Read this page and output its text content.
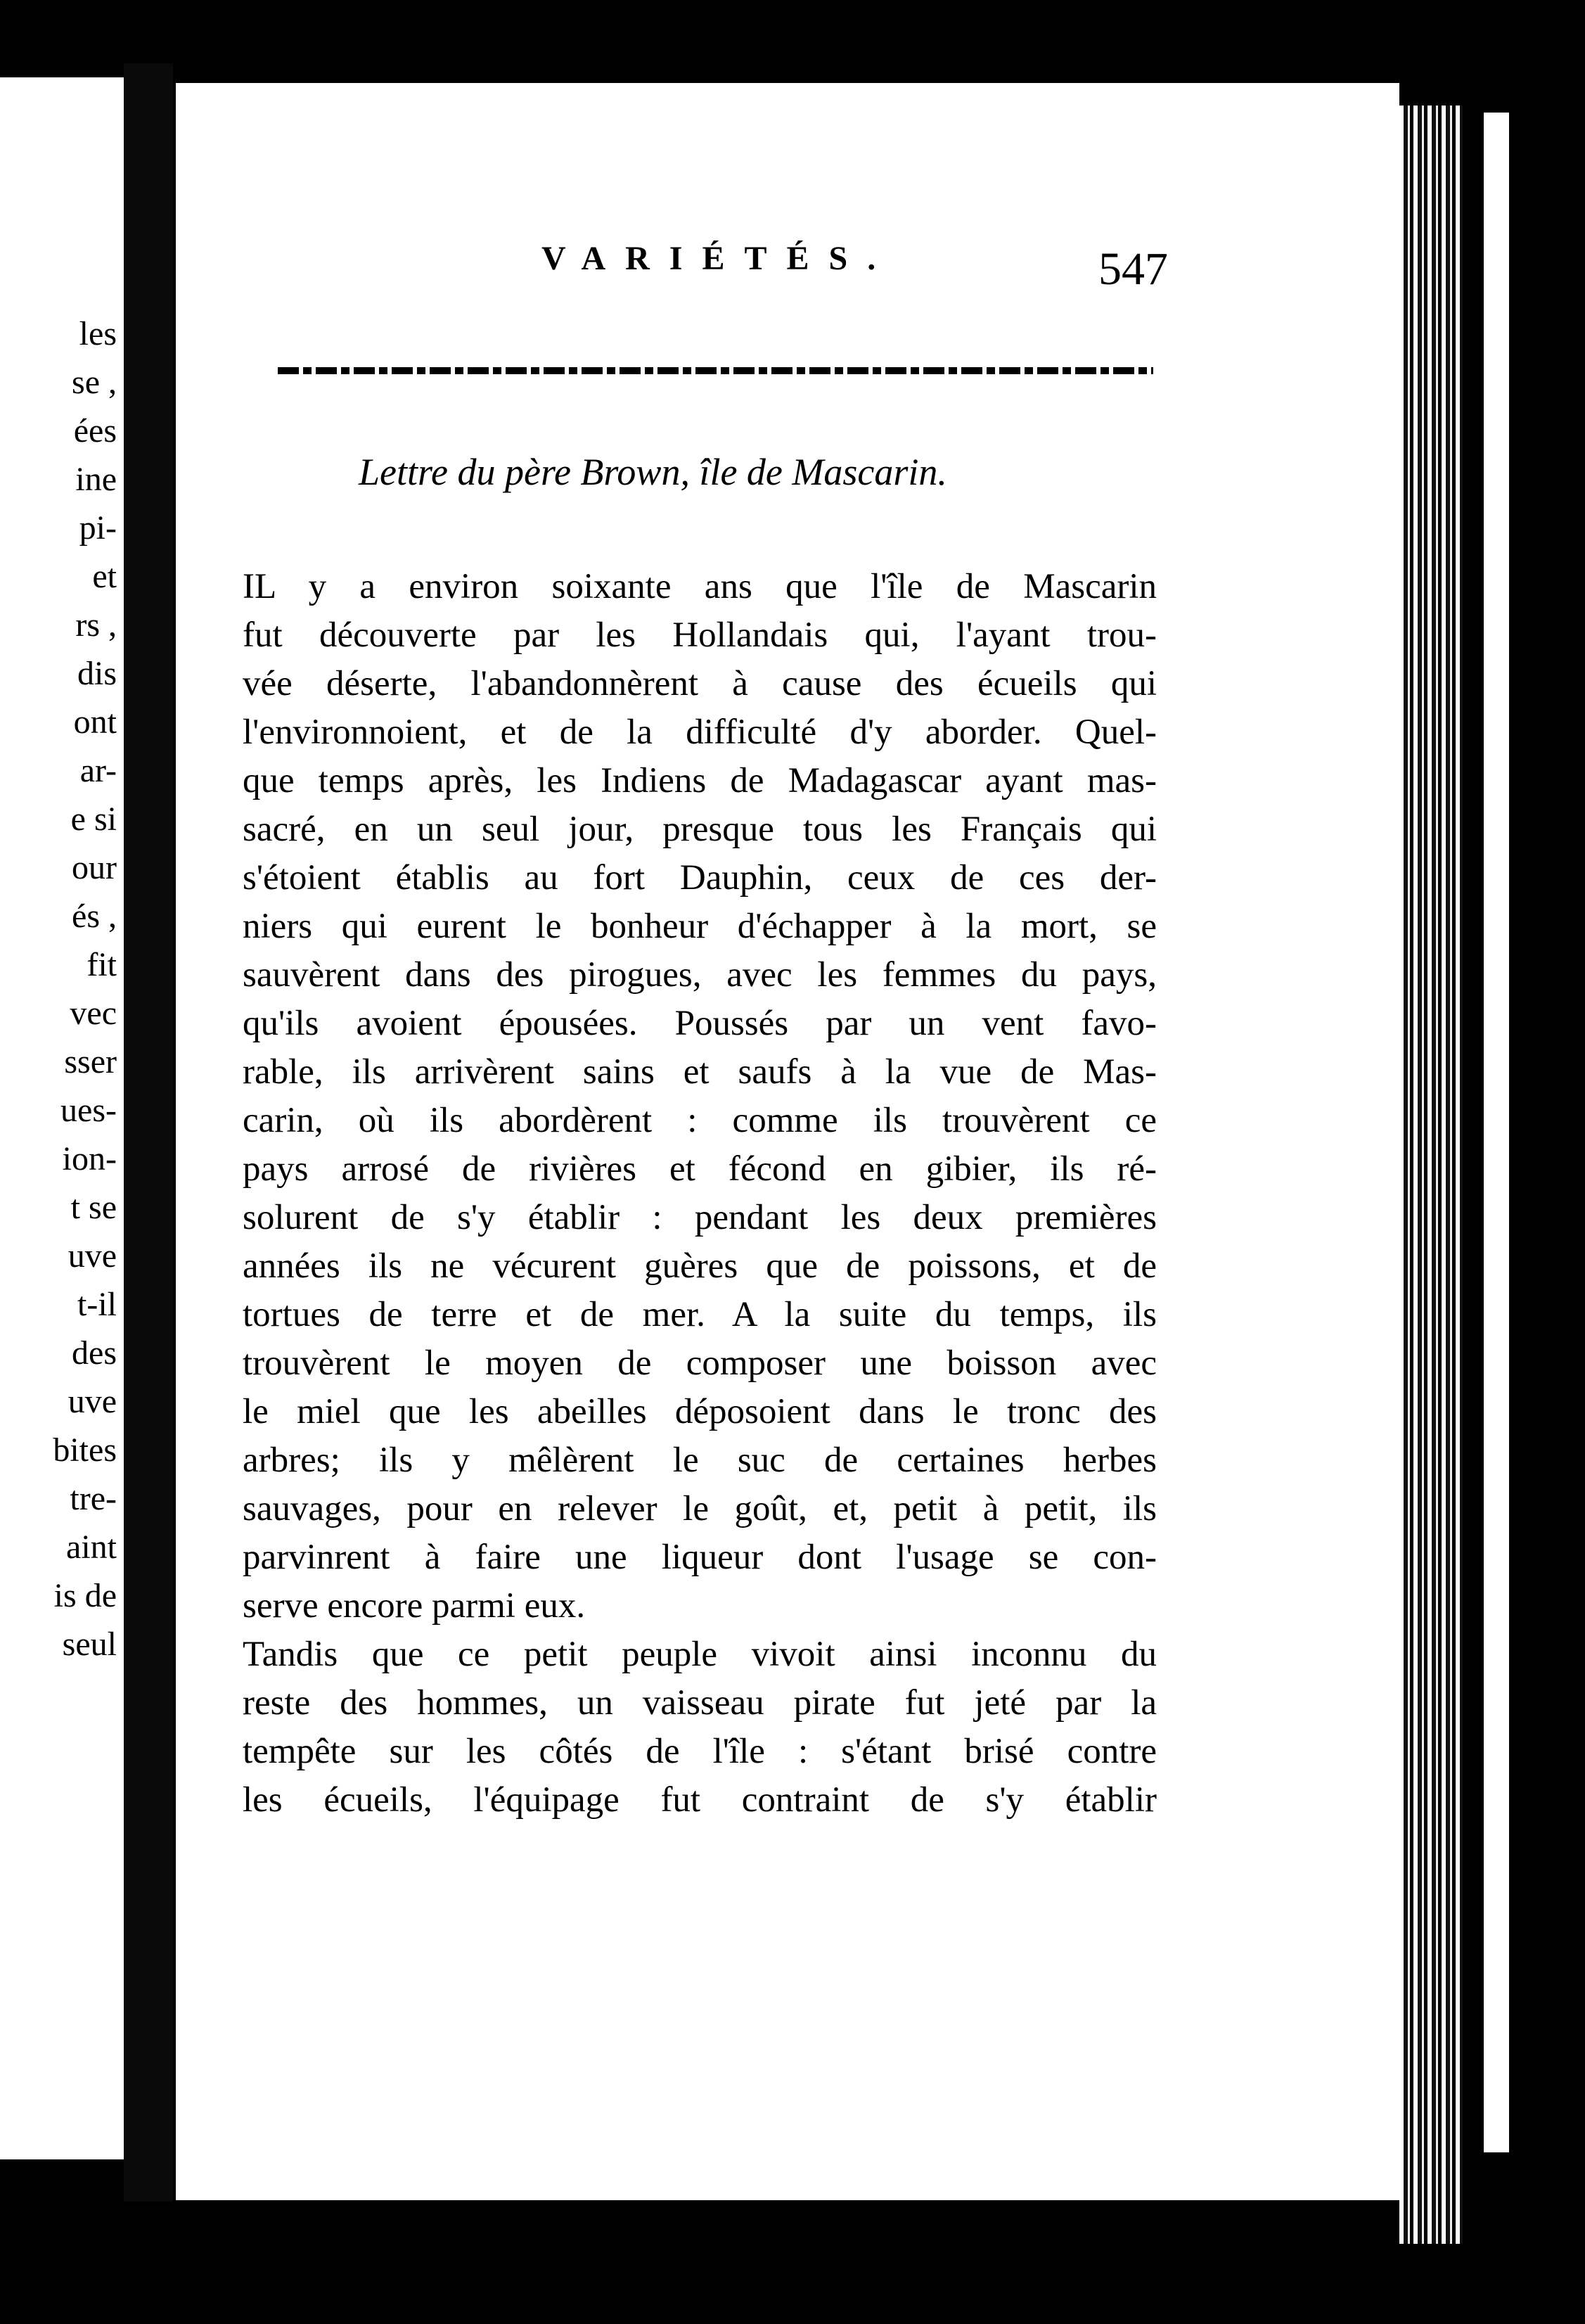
les
se ,
ées
ine
pi-
et
rs ,
dis
ont
ar-
e si
our
és ,
fit
vec
sser
ues-
ion-
t se
uve
t-il
des
uve
bites
tre-
aint
is de
seul
VARIÉTÉS.	547
Lettre du père Brown, île de Mascarin.
IL y a environ soixante ans que l'île de Mascarin
fut découverte par les Hollandais qui, l'ayant trou-
vée déserte, l'abandonnèrent à cause des écueils qui
l'environnoient, et de la difficulté d'y aborder. Quel-
que temps après, les Indiens de Madagascar ayant mas-
sacré, en un seul jour, presque tous les Français qui
s'étoient établis au fort Dauphin, ceux de ces der-
niers qui eurent le bonheur d'échapper à la mort, se
sauvèrent dans des pirogues, avec les femmes du pays,
qu'ils avoient épousées. Poussés par un vent favo-
rable, ils arrivèrent sains et saufs à la vue de Mas-
carin, où ils abordèrent : comme ils trouvèrent ce
pays arrosé de rivières et fécond en gibier, ils ré-
solurent de s'y établir : pendant les deux premières
années ils ne vécurent guères que de poissons, et de
tortues de terre et de mer. A la suite du temps, ils
trouvèrent le moyen de composer une boisson avec
le miel que les abeilles déposoient dans le tronc des
arbres; ils y mêlèrent le suc de certaines herbes
sauvages, pour en relever le goût, et, petit à petit, ils
parvinrent à faire une liqueur dont l'usage se con-
serve encore parmi eux.
Tandis que ce petit peuple vivoit ainsi inconnu du
reste des hommes, un vaisseau pirate fut jeté par la
tempête sur les côtés de l'île : s'étant brisé contre
les écueils, l'équipage fut contraint de s'y établir
